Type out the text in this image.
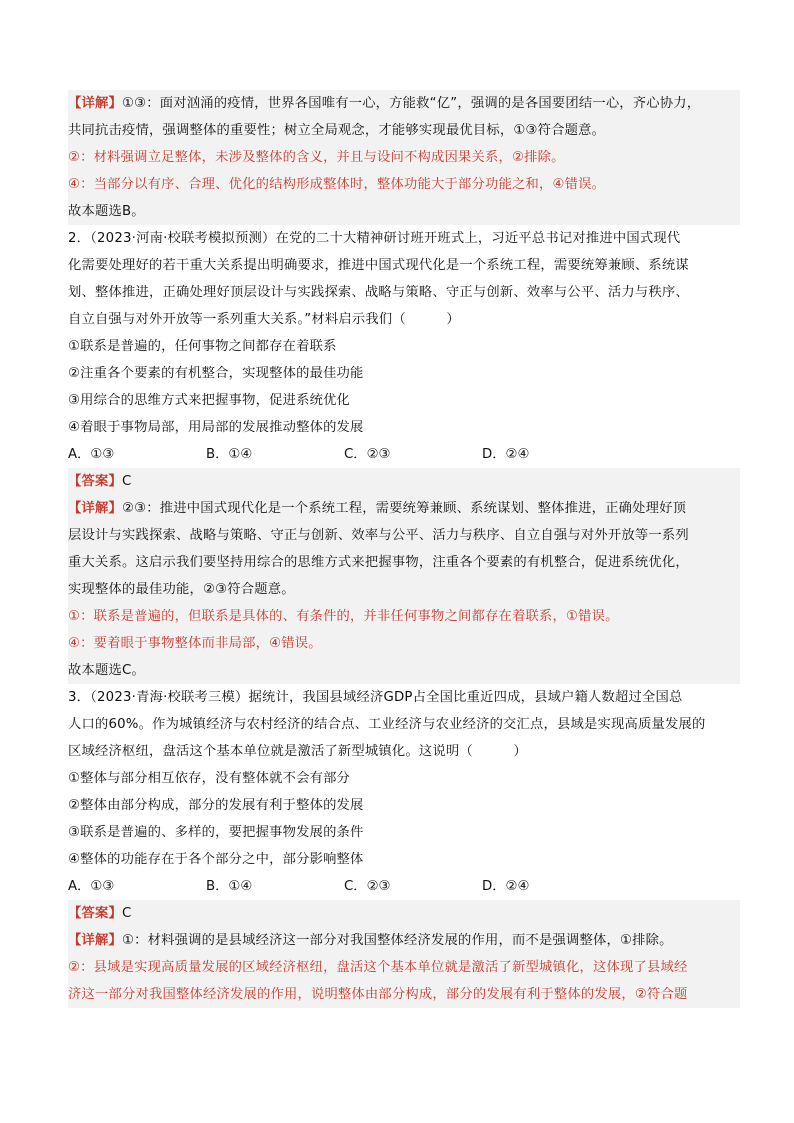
【详解】①③：面对汹涌的疫情，世界各国唯有一心，方能救“亿”，强调的是各国要团结一心，齐心协力，
共同抗击疫情，强调整体的重要性；树立全局观念，才能够实现最优目标，①③符合题意。
②：材料强调立足整体，未涉及整体的含义，并且与设问不构成因果关系，②排除。
④：当部分以有序、合理、优化的结构形成整体时，整体功能大于部分功能之和，④错误。
故本题选B。
2．（2023·河南·校联考模拟预测）在党的二十大精神研讨班开班式上，习近平总书记对推进中国式现代
化需要处理好的若干重大关系提出明确要求，推进中国式现代化是一个系统工程，需要统筹兼顾、系统谋
划、整体推进，正确处理好顶层设计与实践探索、战略与策略、守正与创新、效率与公平、活力与秩序、
自立自强与对外开放等一系列重大关系。”材料启示我们（　　　）
①联系是普遍的，任何事物之间都存在着联系
②注重各个要素的有机整合，实现整体的最佳功能
③用综合的思维方式来把握事物，促进系统优化
④着眼于事物局部，用局部的发展推动整体的发展
A．①③	B．①④	C．②③	D．②④
【答案】C
【详解】②③：推进中国式现代化是一个系统工程，需要统筹兼顾、系统谋划、整体推进，正确处理好顶
层设计与实践探索、战略与策略、守正与创新、效率与公平、活力与秩序、自立自强与对外开放等一系列
重大关系。这启示我们要坚持用综合的思维方式来把握事物，注重各个要素的有机整合，促进系统优化，
实现整体的最佳功能，②③符合题意。
①：联系是普遍的，但联系是具体的、有条件的，并非任何事物之间都存在着联系，①错误。
④：要着眼于事物整体而非局部，④错误。
故本题选C。
3．（2023·青海·校联考三模）据统计，我国县域经济GDP占全国比重近四成，县域户籍人数超过全国总
人口的60%。作为城镇经济与农村经济的结合点、工业经济与农业经济的交汇点，县域是实现高质量发展的
区域经济枢纽，盘活这个基本单位就是激活了新型城镇化。这说明（　　　）
①整体与部分相互依存，没有整体就不会有部分
②整体由部分构成，部分的发展有利于整体的发展
③联系是普遍的、多样的，要把握事物发展的条件
④整体的功能存在于各个部分之中，部分影响整体
A．①③	B．①④	C．②③	D．②④
【答案】C
【详解】①：材料强调的是县域经济这一部分对我国整体经济发展的作用，而不是强调整体，①排除。
②：县域是实现高质量发展的区域经济枢纽，盘活这个基本单位就是激活了新型城镇化，这体现了县域经
济这一部分对我国整体经济发展的作用，说明整体由部分构成，部分的发展有利于整体的发展，②符合题
